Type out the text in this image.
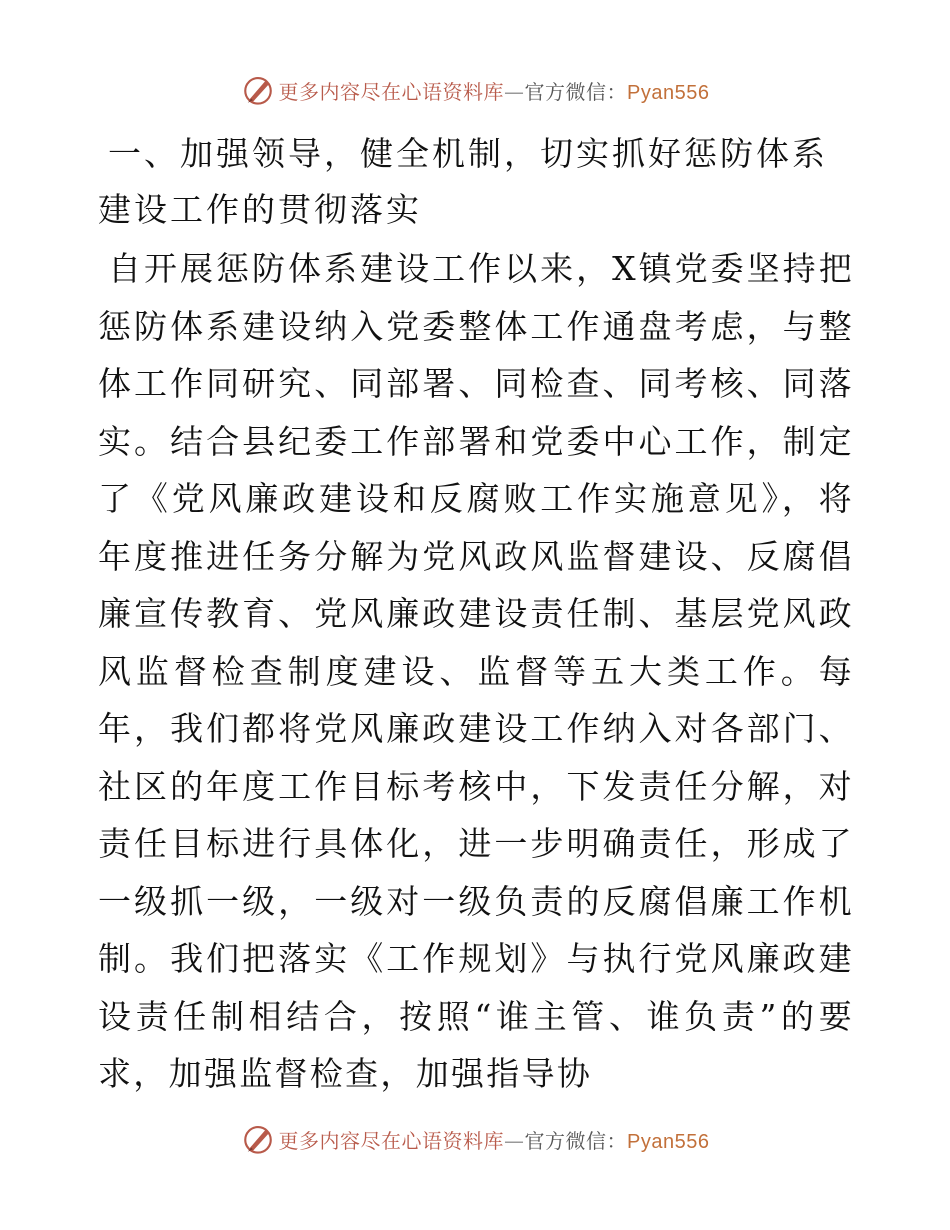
更多内容尽在心语资料库—官方微信：Pyan556
一、加强领导，健全机制，切实抓好惩防体系建设工作的贯彻落实

自开展惩防体系建设工作以来，X镇党委坚持把惩防体系建设纳入党委整体工作通盘考虑，与整体工作同研究、同部署、同检查、同考核、同落实。结合县纪委工作部署和党委中心工作，制定了《党风廉政建设和反腐败工作实施意见》，将年度推进任务分解为党风政风监督建设、反腐倡廉宣传教育、党风廉政建设责任制、基层党风政风监督检查制度建设、监督等五大类工作。每年，我们都将党风廉政建设工作纳入对各部门、社区的年度工作目标考核中，下发责任分解，对责任目标进行具体化，进一步明确责任，形成了一级抓一级，一级对一级负责的反腐倡廉工作机制。我们把落实《工作规划》与执行党风廉政建设责任制相结合，按照“谁主管、谁负责”的要求，加强监督检查，加强指导协

更多内容尽在心语资料库—官方微信：Pyan556
